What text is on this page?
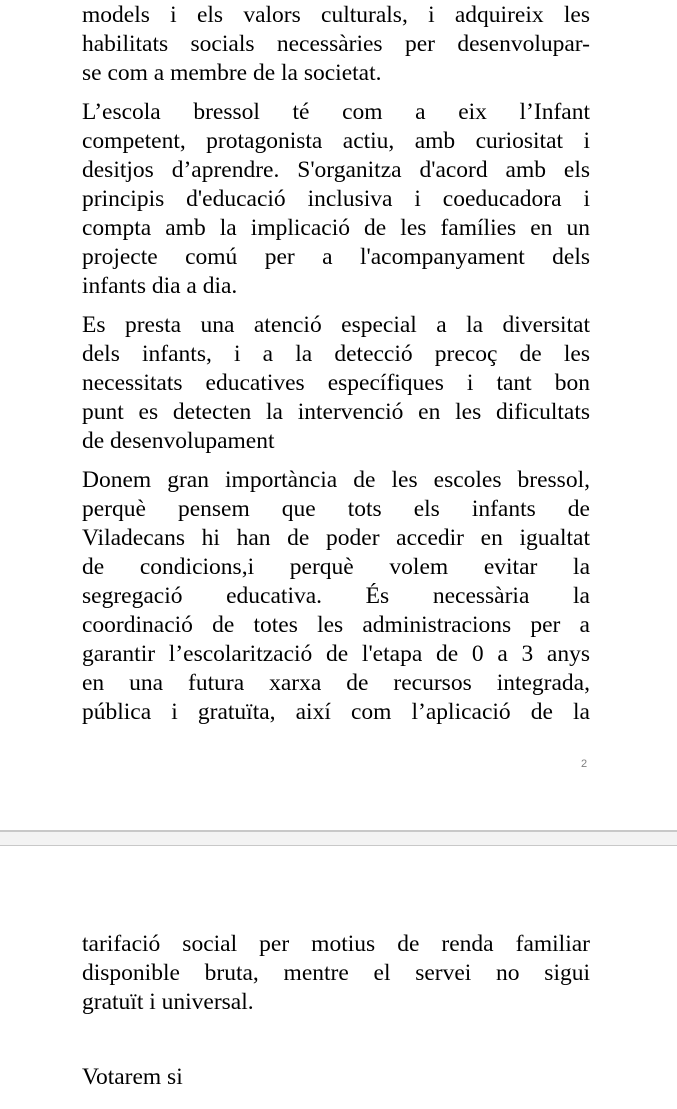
models i els valors culturals, i adquireix les
habilitats socials necessàries per desenvolupar-
se com a membre de la societat.

L’escola bressol té com a eix l’Infant
competent, protagonista actiu, amb curiositat i
desitjos d’aprendre. S'organitza d'acord amb els
principis d'educació inclusiva i coeducadora i
compta amb la implicació de les famílies en un
projecte comú per a l'acompanyament dels
infants dia a dia.

Es presta una atenció especial a la diversitat
dels infants, i a la detecció precoç de les
necessitats educatives específiques i tant bon
punt es detecten la intervenció en les dificultats
de desenvolupament

Donem gran importància de les escoles bressol,
perquè pensem que tots els infants de
Viladecans hi han de poder accedir en igualtat
de condicions,i perquè volem evitar la
segregació educativa. És necessària la
coordinació de totes les administracions per a
garantir l’escolarització de l'etapa de 0 a 3 anys
en una futura xarxa de recursos integrada,
pública i gratuïta, així com l’aplicació de la

2

tarifació social per motius de renda familiar
disponible bruta, mentre el servei no sigui
gratuït i universal.

Votarem si
